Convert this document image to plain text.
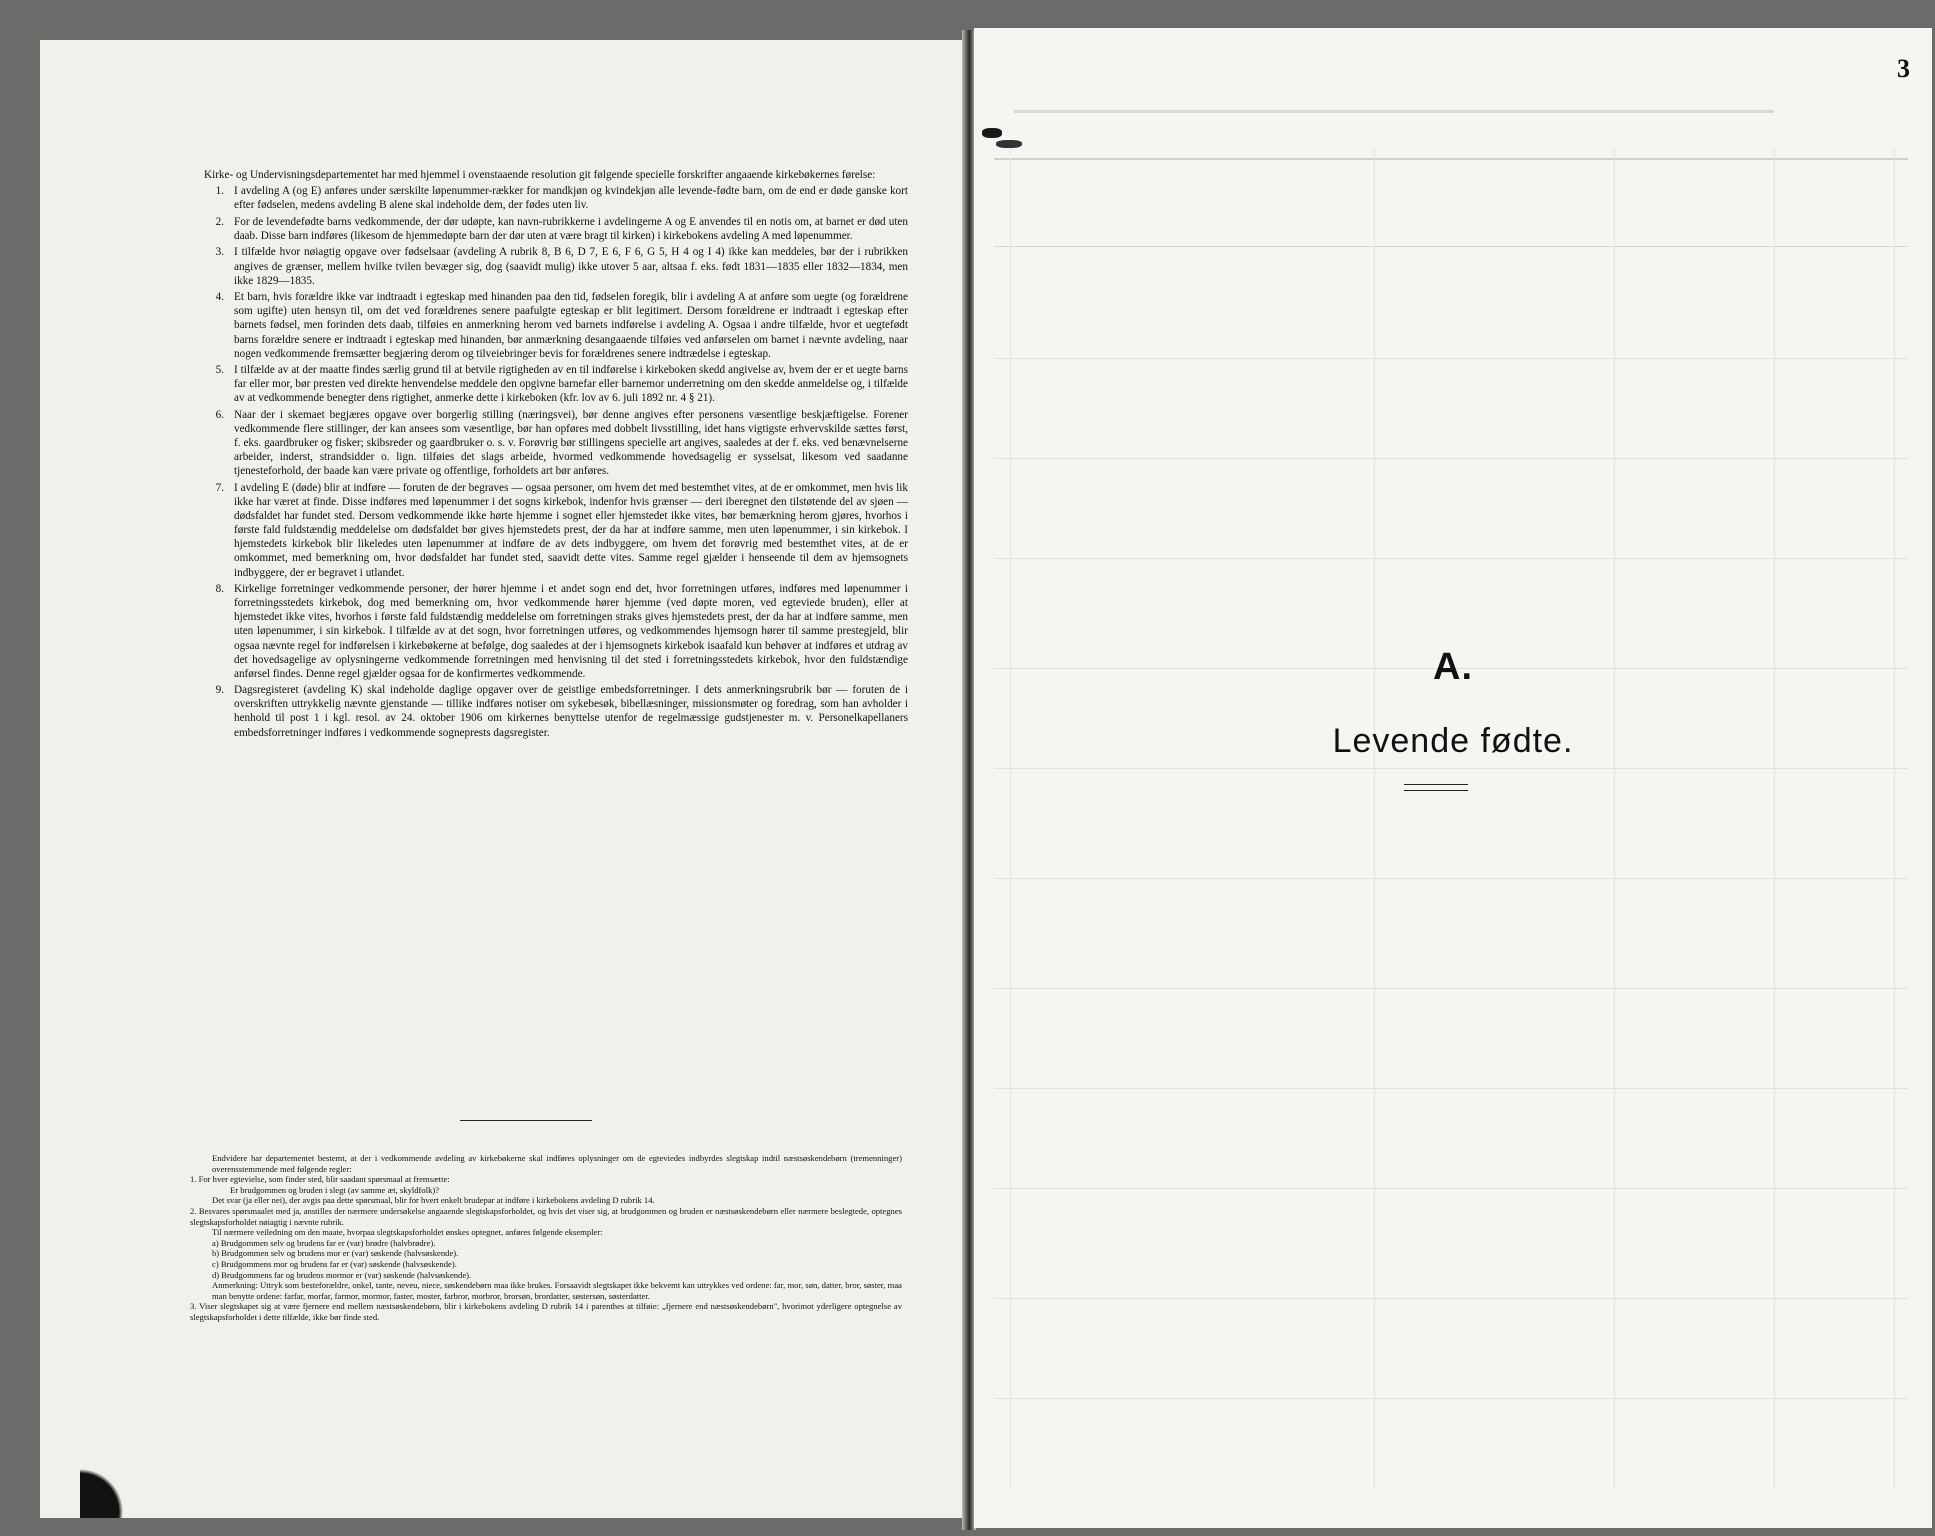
Kirke- og Undervisningsdepartementet har med hjemmel i ovenstaaende resolution git følgende specielle forskrifter angaaende kirkebøkernes førelse:

1. I avdeling A (og E) anføres under særskilte løpenummer-rækker for mandkjøn og kvindekjøn alle levende-fødte barn, om de end er døde ganske kort efter fødselen, medens avdeling B alene skal indeholde dem, der fødes uten liv.
2. For de levendefødte barns vedkommende, der dør udøpte, kan navn-rubrikkerne i avdelingerne A og E anvendes til en notis om, at barnet er død uten daab. Disse barn indføres (likesom de hjemmedøpte barn der dør uten at være bragt til kirken) i kirkebokens avdeling A med løpenummer.
3. I tilfælde hvor nøiagtig opgave over fødselsaar (avdeling A rubrik 8, B 6, D 7, E 6, F 6, G 5, H 4 og I 4) ikke kan meddeles, bør der i rubrikken angives de grænser, mellem hvilke tvilen bevæger sig, dog (saavidt mulig) ikke utover 5 aar, altsaa f. eks. født 1831—1835 eller 1832—1834, men ikke 1829—1835.
4. Et barn, hvis forældre ikke var indtraadt i egteskap med hinanden paa den tid, fødselen foregik, blir i avdeling A at anføre som uegte (og forældrene som ugifte) uten hensyn til, om det ved forældrenes senere paafulgte egteskap er blit legitimert. Dersom forældrene er indtraadt i egteskap efter barnets fødsel, men forinden dets daab, tilføies en anmerkning herom ved barnets indførelse i avdeling A. Ogsaa i andre tilfælde, hvor et uegtefødt barns forældre senere er indtraadt i egteskap med hinanden, bør anmærkning desangaaende tilføies ved anførselen om barnet i nævnte avdeling, naar nogen vedkommende fremsætter begjæring derom og tilveiebringer bevis for forældrenes senere indtrædelse i egteskap.
5. I tilfælde av at der maatte findes særlig grund til at betvile rigtigheden av en til indførelse i kirkeboken skedd angivelse av, hvem der er et uegte barns far eller mor, bør presten ved direkte henvendelse meddele den opgivne barnefar eller barnemor underretning om den skedde anmeldelse og, i tilfælde av at vedkommende benegter dens rigtighet, anmerke dette i kirkeboken (kfr. lov av 6. juli 1892 nr. 4 § 21).
6. Naar der i skemaet begjæres opgave over borgerlig stilling (næringsvei), bør denne angives efter personens væsentlige beskjæftigelse. Forener vedkommende flere stillinger, der kan ansees som væsentlige, bør han opføres med dobbelt livsstilling, idet hans vigtigste erhvervskilde sættes først, f. eks. gaardbruker og fisker; skibsreder og gaardbruker o. s. v. Forøvrig bør stillingens specielle art angives, saaledes at der f. eks. ved benævnelserne arbeider, inderst, strandsidder o. lign. tilføies det slags arbeide, hvormed vedkommende hovedsagelig er sysselsat, likesom ved saadanne tjenesteforhold, der baade kan være private og offentlige, forholdets art bør anføres.
7. I avdeling E (døde) blir at indføre — foruten de der begraves — ogsaa personer, om hvem det med bestemthet vites, at de er omkommet, men hvis lik ikke har været at finde. Disse indføres med løpenummer i det sogns kirkebok, indenfor hvis grænser — deri iberegnet den tilstøtende del av sjøen — dødsfaldet har fundet sted. Dersom vedkommende ikke hørte hjemme i sognet eller hjemstedet ikke vites, bør bemærkning herom gjøres, hvorhos i første fald fuldstændig meddelelse om dødsfaldet bør gives hjemstedets prest, der da har at indføre samme, men uten løpenummer, i sin kirkebok. I hjemstedets kirkebok blir likeledes uten løpenummer at indføre de av dets indbyggere, om hvem det forøvrig med bestemthet vites, at de er omkommet, med bemerkning om, hvor dødsfaldet har fundet sted, saavidt dette vites. Samme regel gjælder i henseende til dem av hjemsognets indbyggere, der er begravet i utlandet.
8. Kirkelige forretninger vedkommende personer, der hører hjemme i et andet sogn end det, hvor forretningen utføres, indføres med løpenummer i forretningsstedets kirkebok, dog med bemerkning om, hvor vedkommende hører hjemme (ved døpte moren, ved egteviede bruden), eller at hjemstedet ikke vites, hvorhos i første fald fuldstændig meddelelse om forretningen straks gives hjemstedets prest, der da har at indføre samme, men uten løpenummer, i sin kirkebok. I tilfælde av at det sogn, hvor forretningen utføres, og vedkommendes hjemsogn hører til samme prestegjeld, blir ogsaa nævnte regel for indførelsen i kirkebøkerne at befølge, dog saaledes at der i hjemsognets kirkebok isaafald kun behøver at indføres et utdrag av det hovedsagelige av oplysningerne vedkommende forretningen med henvisning til det sted i forretningsstedets kirkebok, hvor den fuldstændige anførsel findes. Denne regel gjælder ogsaa for de konfirmertes vedkommende.
9. Dagsregisteret (avdeling K) skal indeholde daglige opgaver over de geistlige embedsforretninger. I dets anmerkningsrubrik bør — foruten de i overskriften uttrykkelig nævnte gjenstande — tillike indføres notiser om sykebesøk, bibellæsninger, missionsmøter og foredrag, som han avholder i henhold til post 1 i kgl. resol. av 24. oktober 1906 om kirkernes benyttelse utenfor de regelmæssige gudstjenester m. v. Personelkapellaners embedsforretninger indføres i vedkommende sogneprests dagsregister.

Endvidere har departementet bestemt, at der i vedkommende avdeling av kirkebøkerne skal indføres oplysninger om de egteviedes indbyrdes slegtskap indtil næstsøskendebørn (tremenninger) overensstemmende med følgende regler:

1. For hver egtevielse, som finder sted, blir saadant spørsmaal at fremsætte:

Er brudgommen og bruden i slegt (av samme æt, skyldfolk)?

Det svar (ja eller nei), der avgis paa dette spørsmaal, blir for hvert enkelt brudepar at indføre i kirkebokens avdeling D rubrik 14.

2. Besvares spørsmaalet med ja, anstilles der nærmere undersøkelse angaaende slegtskapsforholdet, og hvis det viser sig, at brudgommen og bruden er næstsøskendebørn eller nærmere beslegtede, optegnes slegtskapsforholdet nøiagtig i nævnte rubrik.

Til nærmere veiledning om den maate, hvorpaa slegtskapsforholdet ønskes optegnet, anføres følgende eksempler:

a) Brudgommen selv og brudens far er (var) brødre (halvbrødre).

b) Brudgommen selv og brudens mor er (var) søskende (halvsøskende).

c) Brudgommens mor og brudens far er (var) søskende (halvsøskende).

d) Brudgommens far og brudens mormor er (var) søskende (halvsøskende).

Anmerkning: Uttryk som besteforældre, onkel, tante, neveu, niece, søskendebørn maa ikke brukes. Forsaavidt slegtskapet ikke bekvemt kan uttrykkes ved ordene: far, mor, søn, datter, bror, søster, maa man benytte ordene: farfar, morfar, farmor, mormor, faster, moster, farbror, morbror, brorsøn, brordatter, søstersøn, søsterdatter.

3. Viser slegtskapet sig at være fjernere end mellem næstsøskendebørn, blir i kirkebokens avdeling D rubrik 14 i parenthes at tilføie: „fjernere end næstsøskendebørn", hvorimot yderligere optegnelse av slegtskapsforholdet i dette tilfælde, ikke bør finde sted.

3
A.
Levende fødte.
